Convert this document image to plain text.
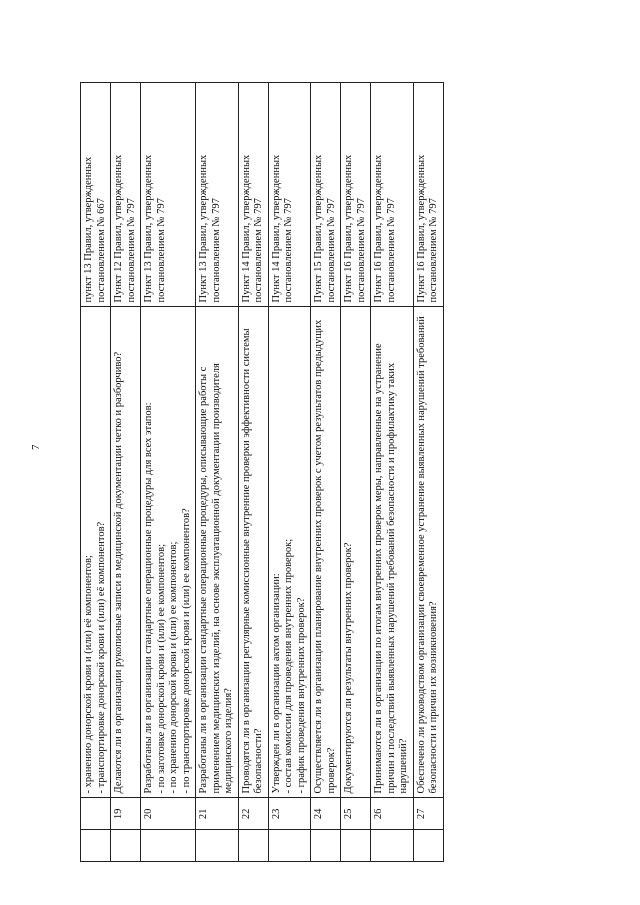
7

		- хранению донорской крови и (или) её компонентов; - транспортировке донорской крови и (или) её компонентов?	пункт 13 Правил, утвержденных постановлением № 667
	19	Делаются ли в организации рукописные записи в медицинской документации четко и разборчиво?	Пункт 12 Правил, утвержденных постановлением № 797
	20	Разработаны ли в организации стандартные операционные процедуры для всех этапов: - по заготовке донорской крови и (или) ее компонентов; - по хранению донорской крови и (или) ее компонентов; - по транспортировке донорской крови и (или) ее компонентов?	Пункт 13 Правил, утвержденных постановлением № 797
	21	Разработаны ли в организации стандартные операционные процедуры, описывающие работы с применением медицинских изделий, на основе эксплуатационной документации производителя медицинского изделия?	Пункт 13 Правил, утвержденных постановлением № 797
	22	Проводятся ли в организации регулярные комиссионные внутренние проверки эффективности системы безопасности?	Пункт 14 Правил, утвержденных постановлением № 797
	23	Утвержден ли в организации актом организации: - состав комиссии для проведения внутренних проверок; - график проведения внутренних проверок?	Пункт 14 Правил, утвержденных постановлением № 797
	24	Осуществляется ли в организации планирование внутренних проверок с учетом результатов предыдущих проверок?	Пункт 15 Правил, утвержденных постановлением № 797
	25	Документируются ли результаты внутренних проверок?	Пункт 16 Правил, утвержденных постановлением № 797
	26	Принимаются ли в организации по итогам внутренних проверок меры, направленные на устранение причин и последствий выявленных нарушений требований безопасности и профилактику таких нарушений?	Пункт 16 Правил, утвержденных постановлением № 797
	27	Обеспечено ли руководством организации своевременное устранение выявленных нарушений требований безопасности и причин их возникновения?	Пункт 16 Правил, утвержденных постановлением № 797
